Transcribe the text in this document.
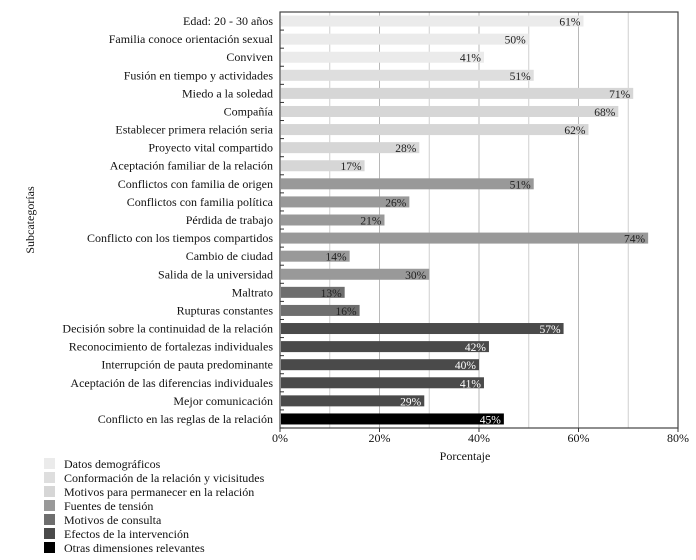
Edad: 20 - 30 años	61%
Familia conoce orientación sexual	50%
Conviven	41%
Fusión en tiempo y actividades	51%
Miedo a la soledad	71%
Compañía	68%
Establecer primera relación seria	62%
Proyecto vital compartido	28%
Aceptación familiar de la relación	17%
Conflictos con familia de origen	51%
Conflictos con familia política	26%
Pérdida de trabajo	21%
Conflicto con los tiempos compartidos	74%
Cambio de ciudad	14%
Salida de la universidad	30%
Maltrato	13%
Rupturas constantes	16%
Decisión sobre la continuidad de la relación	57%
Reconocimiento de fortalezas individuales	42%
Interrupción de pauta predominante	40%
Aceptación de las diferencias individuales	41%
Mejor comunicación	29%
Conflicto en las reglas de la relación	45%
0%	20%	40%	60%	80%
Porcentaje
Subcategorías
Datos demográficos
Conformación de la relación y vicisitudes
Motivos para permanecer en la relación
Fuentes de tensión
Motivos de consulta
Efectos de la intervención
Otras dimensiones relevantes
